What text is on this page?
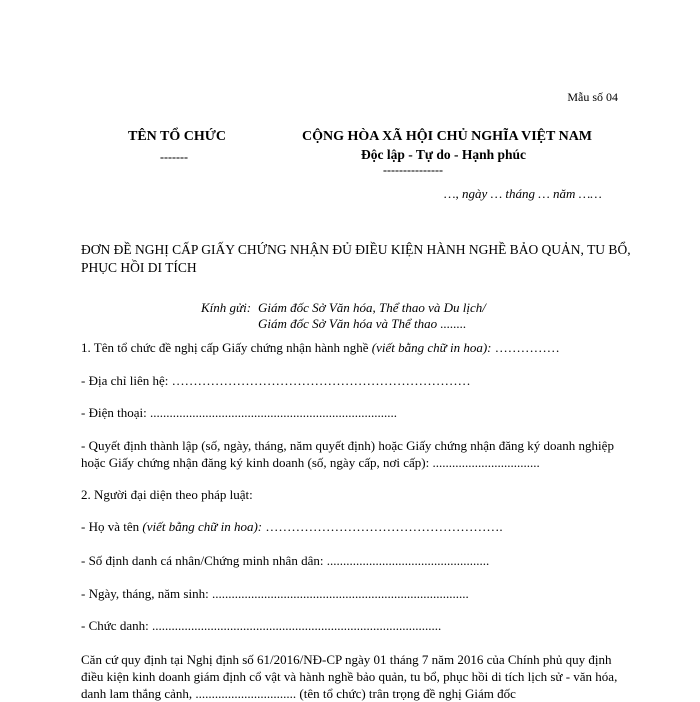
Mẫu số 04
TÊN TỔ CHỨC
-------
CỘNG HÒA XÃ HỘI CHỦ NGHĨA VIỆT NAM
Độc lập - Tự do - Hạnh phúc
---------------
…, ngày … tháng … năm ……
ĐƠN ĐỀ NGHỊ CẤP GIẤY CHỨNG NHẬN ĐỦ ĐIỀU KIỆN HÀNH NGHỀ BẢO QUẢN, TU BỔ, PHỤC HỒI DI TÍCH
Kính gửi: Giám đốc Sở Văn hóa, Thể thao và Du lịch/
Giám đốc Sở Văn hóa và Thể thao ........
1. Tên tổ chức đề nghị cấp Giấy chứng nhận hành nghề (viết bằng chữ in hoa): ……………
- Địa chỉ liên hệ: ……………………………………………………………
- Điện thoại: ............................................................................
- Quyết định thành lập (số, ngày, tháng, năm quyết định) hoặc Giấy chứng nhận đăng ký doanh nghiệp hoặc Giấy chứng nhận đăng ký kinh doanh (số, ngày cấp, nơi cấp): .................................
2. Người đại diện theo pháp luật:
- Họ và tên (viết bằng chữ in hoa): ……………………………………………….
- Số định danh cá nhân/Chứng minh nhân dân: ..................................................
- Ngày, tháng, năm sinh: ...............................................................................
- Chức danh: .........................................................................................
Căn cứ quy định tại Nghị định số 61/2016/NĐ-CP ngày 01 tháng 7 năm 2016 của Chính phủ quy định điều kiện kinh doanh giám định cổ vật và hành nghề bảo quản, tu bổ, phục hồi di tích lịch sử - văn hóa, danh lam thắng cảnh, ............................... (tên tổ chức) trân trọng đề nghị Giám đốc
